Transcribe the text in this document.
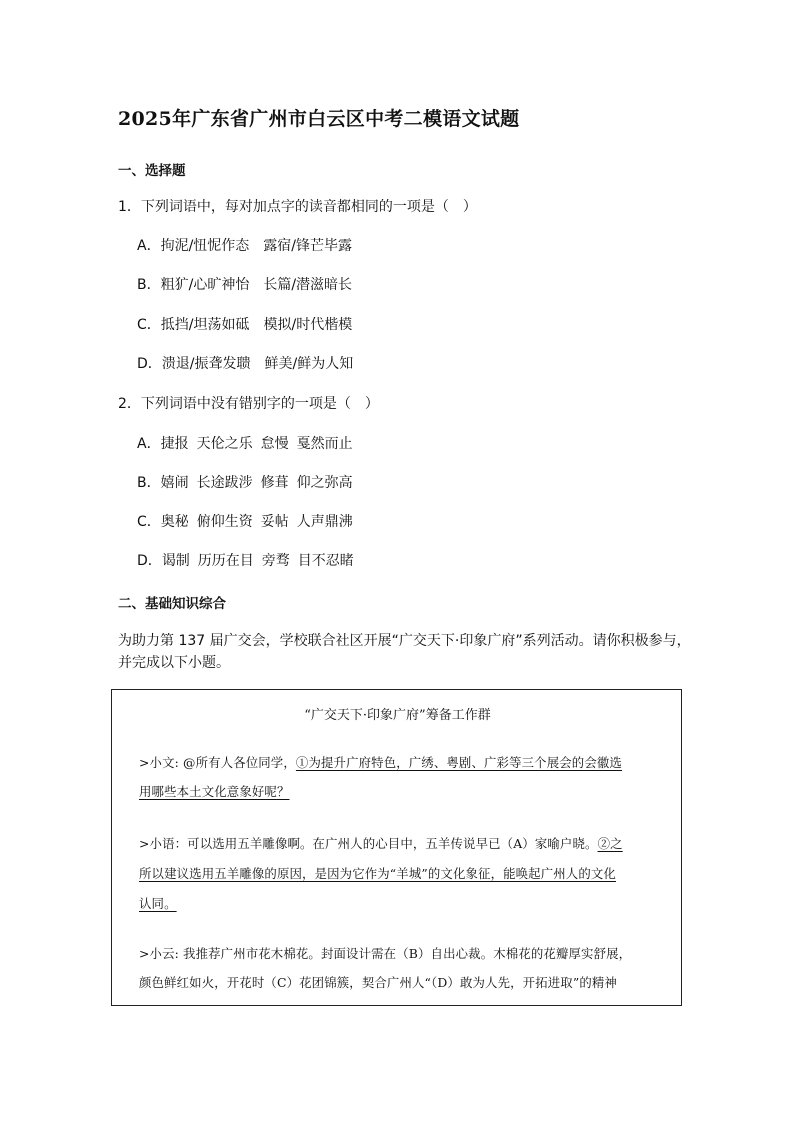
2025年广东省广州市白云区中考二模语文试题
一、选择题
1．下列词语中，每对加点字的读音都相同的一项是（　）
A．拘泥/忸怩作态 露宿/锋芒毕露
B．粗犷/心旷神怡 长篇/潜滋暗长
C．抵挡/坦荡如砥 模拟/时代楷模
D．溃退/振聋发聩 鲜美/鲜为人知
2．下列词语中没有错别字的一项是（　）
A．捷报 天伦之乐 怠慢 戛然而止
B．嬉闹 长途跋涉 修葺 仰之弥高
C．奥秘 俯仰生资 妥帖 人声鼎沸
D．谒制 历历在目 旁骛 目不忍睹
二、基础知识综合
为助力第 137 届广交会，学校联合社区开展“广交天下·印象广府”系列活动。请你积极参与，
并完成以下小题。
“广交天下·印象广府”筹备工作群
>小文: @所有人各位同学，①为提升广府特色，广绣、粤剧、广彩等三个展会的会徽选
用哪些本土文化意象好呢？
>小语：可以选用五羊雕像啊。在广州人的心目中，五羊传说早已（A）家喻户晓。②之
所以建议选用五羊雕像的原因，是因为它作为“羊城”的文化象征，能唤起广州人的文化
认同。
>小云: 我推荐广州市花木棉花。封面设计需在（B）自出心裁。木棉花的花瓣厚实舒展，
颜色鲜红如火，开花时（C）花团锦簇，契合广州人“（D）敢为人先，开拓进取”的精神
